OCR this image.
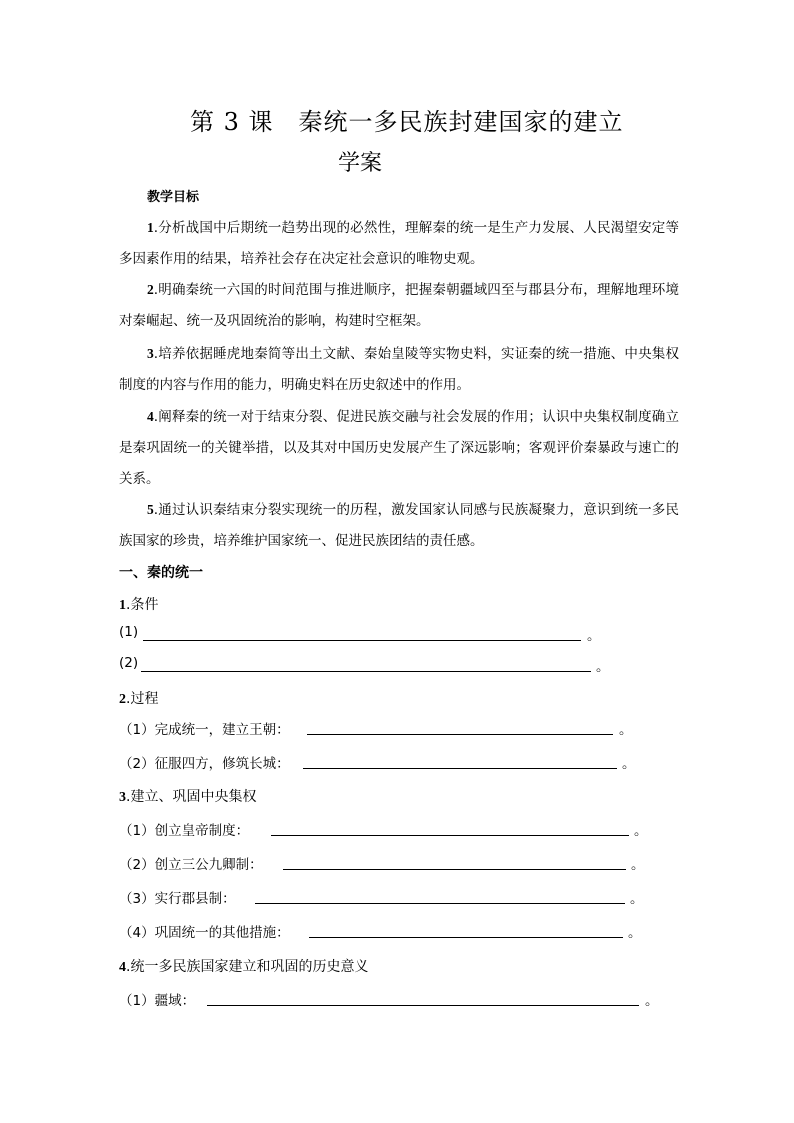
第 3 课　秦统一多民族封建国家的建立
学案
教学目标
1.分析战国中后期统一趋势出现的必然性，理解秦的统一是生产力发展、人民渴望安定等多因素作用的结果，培养社会存在决定社会意识的唯物史观。
2.明确秦统一六国的时间范围与推进顺序，把握秦朝疆域四至与郡县分布，理解地理环境对秦崛起、统一及巩固统治的影响，构建时空框架。
3.培养依据睡虎地秦简等出土文献、秦始皇陵等实物史料，实证秦的统一措施、中央集权制度的内容与作用的能力，明确史料在历史叙述中的作用。
4.阐释秦的统一对于结束分裂、促进民族交融与社会发展的作用；认识中央集权制度确立是秦巩固统一的关键举措，以及其对中国历史发展产生了深远影响；客观评价秦暴政与速亡的关系。
5.通过认识秦结束分裂实现统一的历程，激发国家认同感与民族凝聚力，意识到统一多民族国家的珍贵，培养维护国家统一、促进民族团结的责任感。
一、秦的统一
1.条件
(1)	。
(2)	。
2.过程
（1）完成统一，建立王朝：	。
（2）征服四方，修筑长城：	。
3.建立、巩固中央集权
（1）创立皇帝制度：	。
（2）创立三公九卿制：	。
（3）实行郡县制：	。
（4）巩固统一的其他措施：	。
4.统一多民族国家建立和巩固的历史意义
（1）疆域：	。
